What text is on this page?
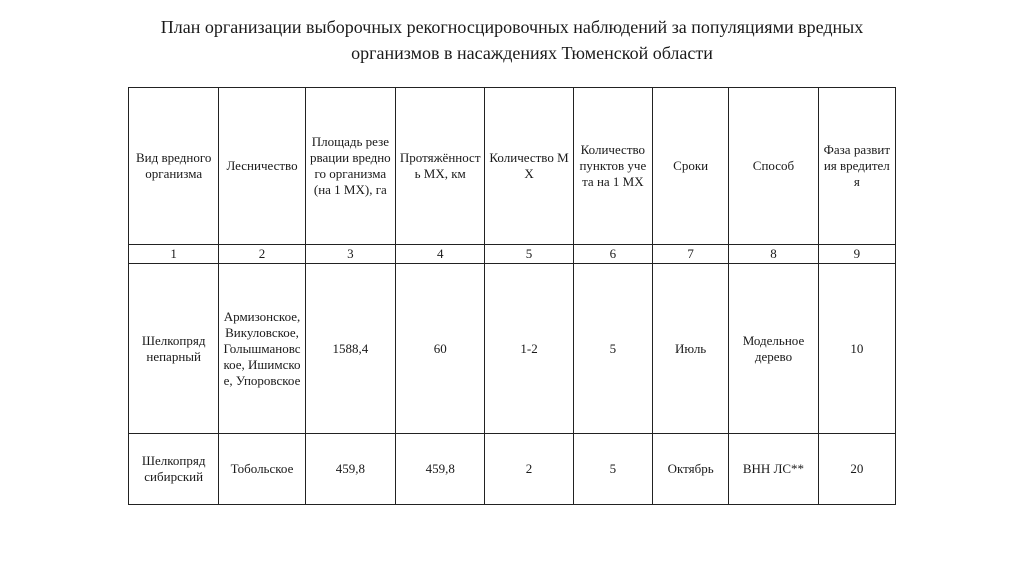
План организации выборочных рекогносцировочных наблюдений за популяциями вредных
организмов в насаждениях Тюменской области
Вид вредного организма	Лесничество	Площадь резервации вредного организма (на 1 МХ), га	Протяжённость МХ, км	Количество МХ	Количество пунктов учета на 1 МХ	Сроки	Способ	Фаза развития вредителя
1	2	3	4	5	6	7	8	9
Шелкопряд непарный	Армизонское, Викуловское, Голышмановское, Ишимское, Упоровское	1588,4	60	1-2	5	Июль	Модельное дерево	10
Шелкопряд сибирский	Тобольское	459,8	459,8	2	5	Октябрь	ВНН ЛС**	20
